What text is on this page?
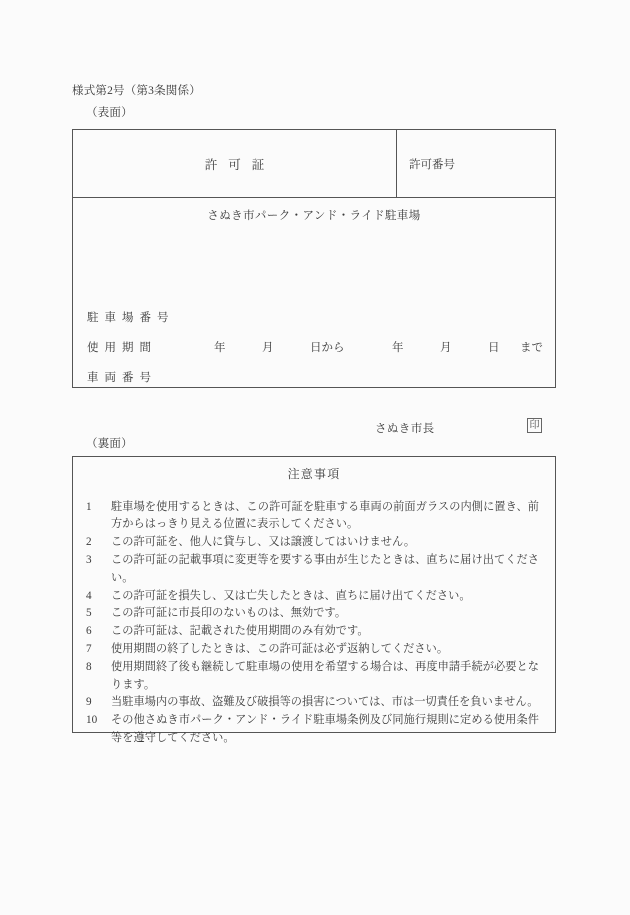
様式第2号（第3条関係）
（表面）
許可証	許可番号
さぬき市パーク・アンド・ライド駐車場
駐車場番号
使用期間	年	月	日から	年	月	日 まで
車両番号
さぬき市長	印
（裏面）
注意事項
1	駐車場を使用するときは、この許可証を駐車する車両の前面ガラスの内側に置き、前方からはっきり見える位置に表示してください。
2	この許可証を、他人に貸与し、又は譲渡してはいけません。
3	この許可証の記載事項に変更等を要する事由が生じたときは、直ちに届け出てください。
4	この許可証を損失し、又は亡失したときは、直ちに届け出てください。
5	この許可証に市長印のないものは、無効です。
6	この許可証は、記載された使用期間のみ有効です。
7	使用期間の終了したときは、この許可証は必ず返納してください。
8	使用期間終了後も継続して駐車場の使用を希望する場合は、再度申請手続が必要となります。
9	当駐車場内の事故、盗難及び破損等の損害については、市は一切責任を負いません。
10	その他さぬき市パーク・アンド・ライド駐車場条例及び同施行規則に定める使用条件等を遵守してください。
